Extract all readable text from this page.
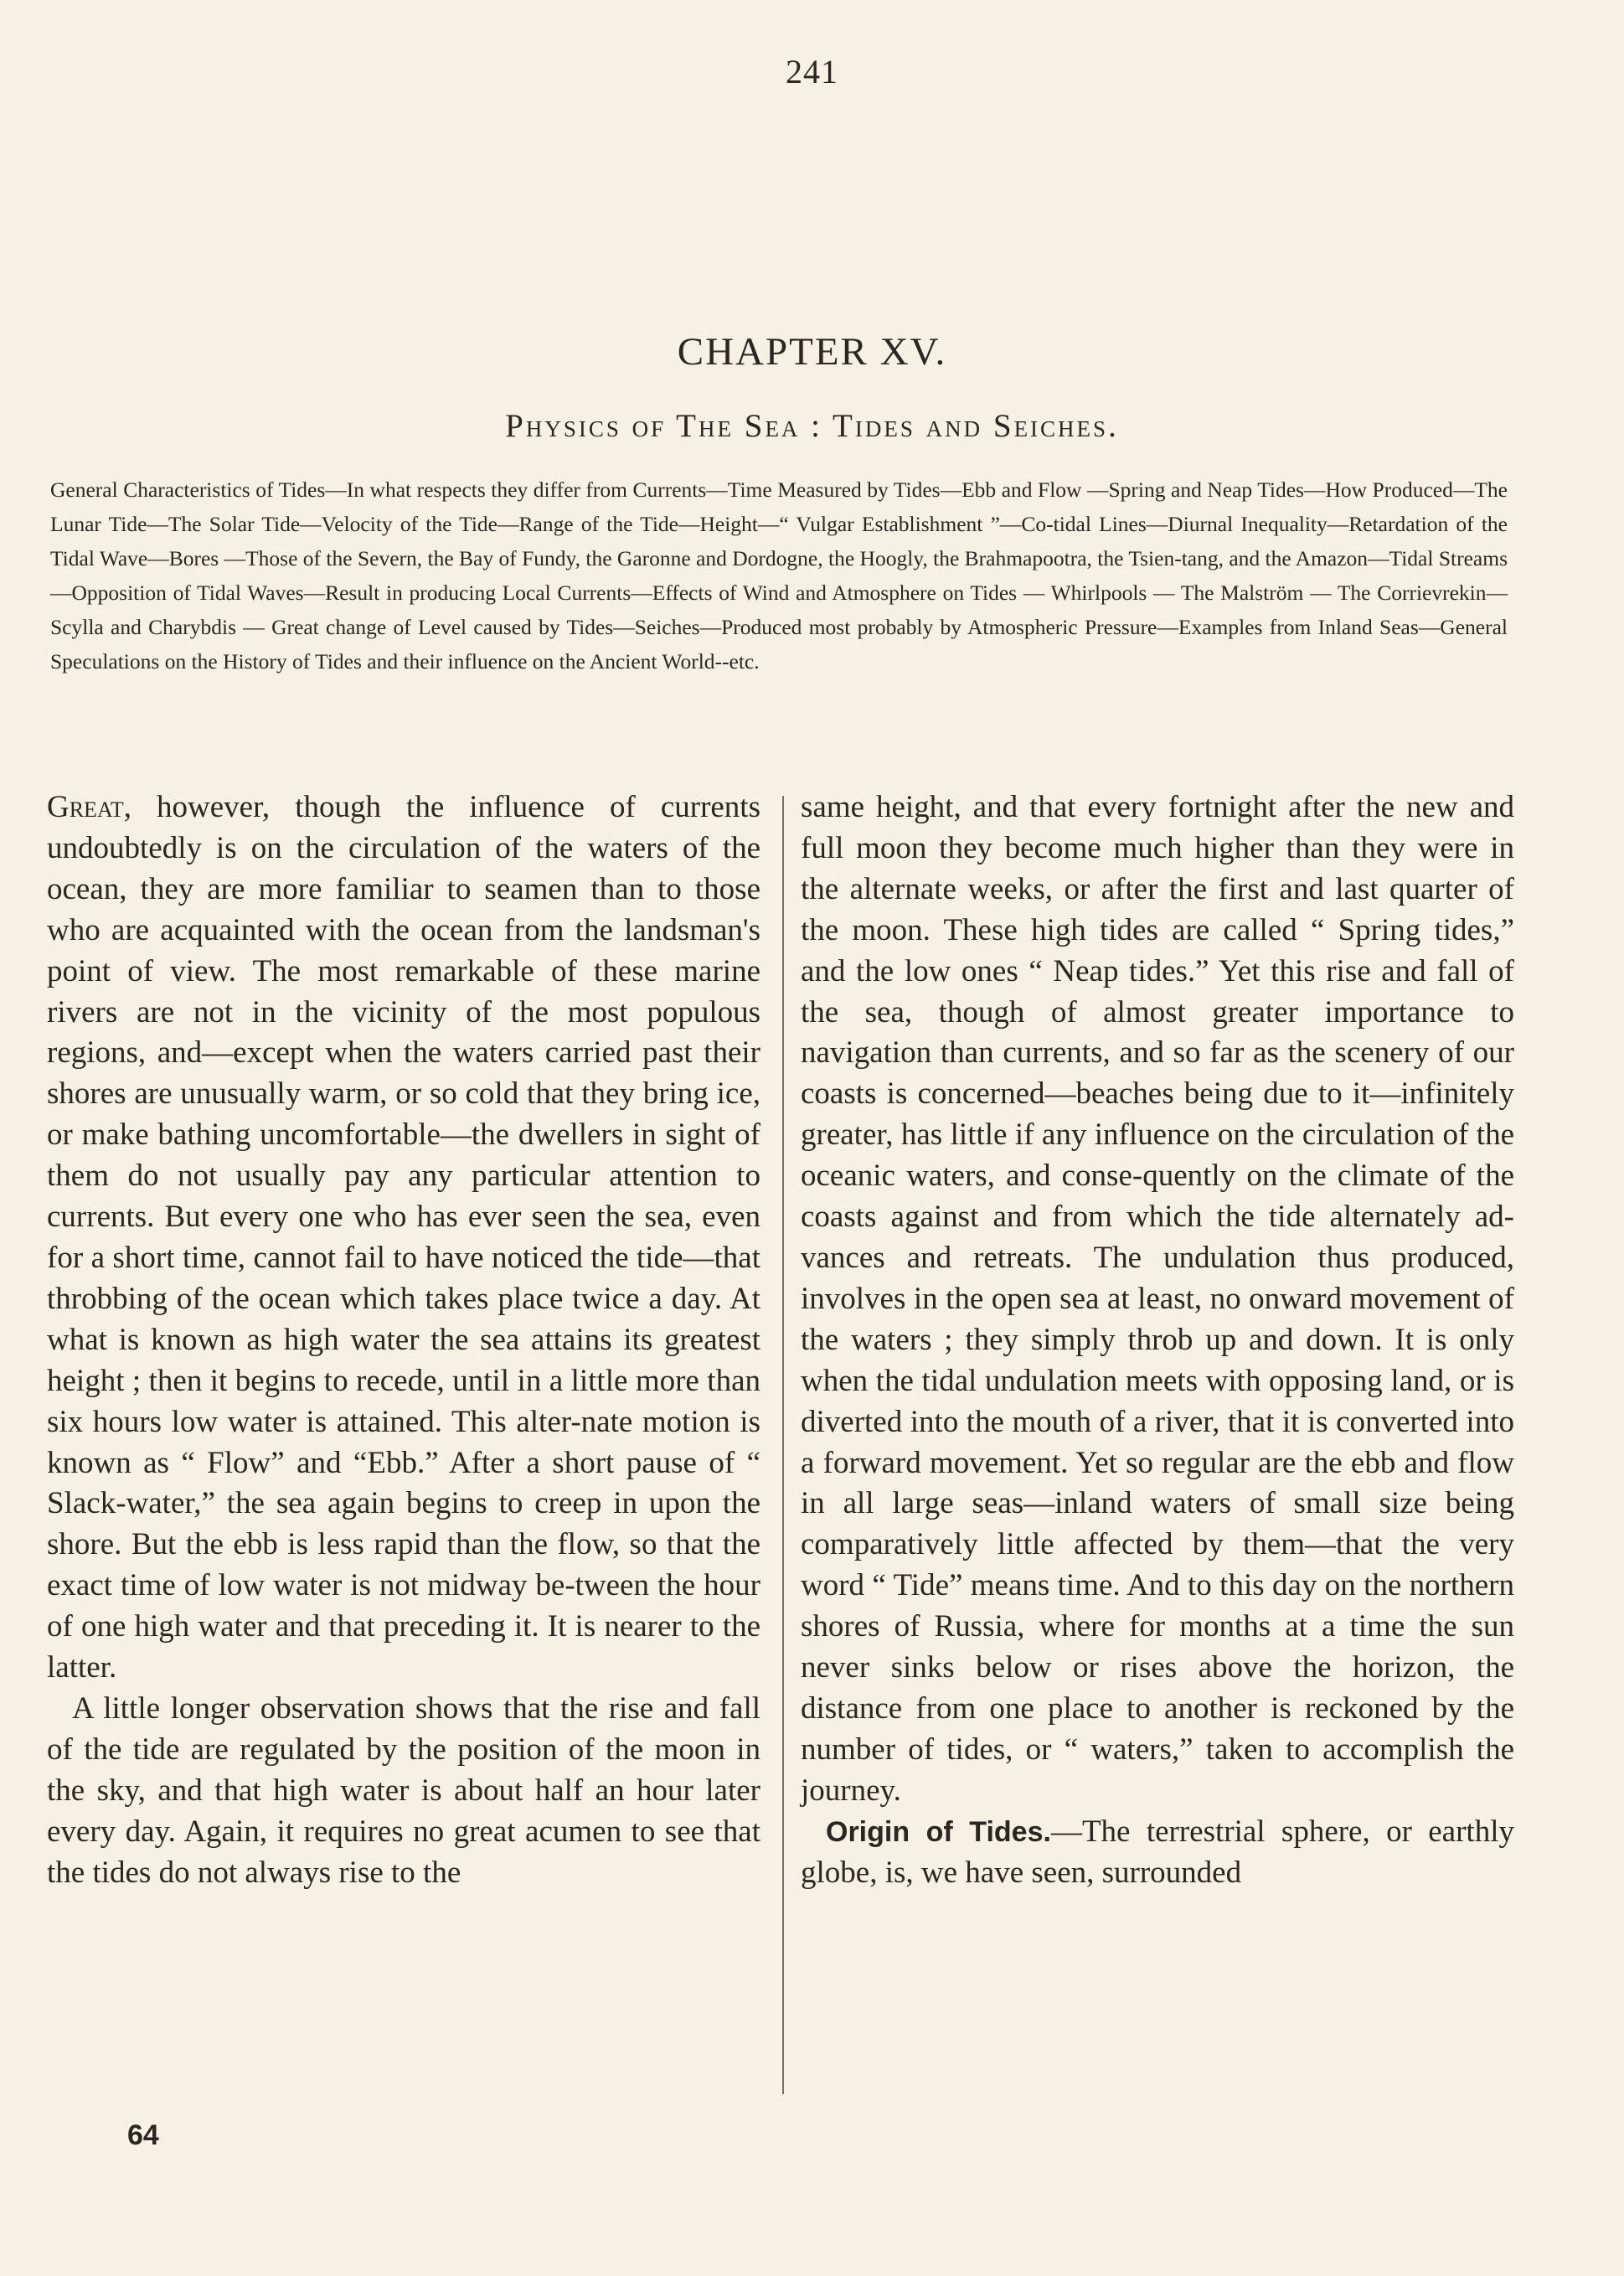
241
CHAPTER XV.
Physics of The Sea : Tides and Seiches.
General Characteristics of Tides—In what respects they differ from Currents—Time Measured by Tides—Ebb and Flow —Spring and Neap Tides—How Produced—The Lunar Tide—The Solar Tide—Velocity of the Tide—Range of the Tide—Height—“ Vulgar Establishment ”—Co-tidal Lines—Diurnal Inequality—Retardation of the Tidal Wave—Bores —Those of the Severn, the Bay of Fundy, the Garonne and Dordogne, the Hoogly, the Brahmapootra, the Tsien-tang, and the Amazon—Tidal Streams—Opposition of Tidal Waves—Result in producing Local Currents—Effects of Wind and Atmosphere on Tides — Whirlpools — The Malström — The Corrievrekin—Scylla and Charybdis — Great change of Level caused by Tides—Seiches—Produced most probably by Atmospheric Pressure—Examples from Inland Seas—General Speculations on the History of Tides and their influence on the Ancient World--etc.

Great, however, though the influence of currents undoubtedly is on the circulation of the waters of the ocean, they are more familiar to seamen than to those who are acquainted with the ocean from the landsman's point of view. The most remarkable of these marine rivers are not in the vicinity of the most populous regions, and—except when the waters carried past their shores are unusually warm, or so cold that they bring ice, or make bathing uncomfortable—the dwellers in sight of them do not usually pay any particular attention to currents. But every one who has ever seen the sea, even for a short time, cannot fail to have noticed the tide—that throbbing of the ocean which takes place twice a day. At what is known as high water the sea attains its greatest height ; then it begins to recede, until in a little more than six hours low water is attained. This alter-nate motion is known as “ Flow” and “Ebb.” After a short pause of “ Slack-water,” the sea again begins to creep in upon the shore. But the ebb is less rapid than the flow, so that the exact time of low water is not midway be-tween the hour of one high water and that preceding it. It is nearer to the latter.

A little longer observation shows that the rise and fall of the tide are regulated by the position of the moon in the sky, and that high water is about half an hour later every day. Again, it requires no great acumen to see that the tides do not always rise to the

same height, and that every fortnight after the new and full moon they become much higher than they were in the alternate weeks, or after the first and last quarter of the moon. These high tides are called “ Spring tides,” and the low ones “ Neap tides.” Yet this rise and fall of the sea, though of almost greater importance to navigation than currents, and so far as the scenery of our coasts is concerned—beaches being due to it—infinitely greater, has little if any influence on the circulation of the oceanic waters, and conse-quently on the climate of the coasts against and from which the tide alternately ad-vances and retreats. The undulation thus produced, involves in the open sea at least, no onward movement of the waters ; they simply throb up and down. It is only when the tidal undulation meets with opposing land, or is diverted into the mouth of a river, that it is converted into a forward movement. Yet so regular are the ebb and flow in all large seas—inland waters of small size being comparatively little affected by them—that the very word “ Tide” means time. And to this day on the northern shores of Russia, where for months at a time the sun never sinks below or rises above the horizon, the distance from one place to another is reckoned by the number of tides, or “ waters,” taken to accomplish the journey.

Origin of Tides.—The terrestrial sphere, or earthly globe, is, we have seen, surrounded

64
